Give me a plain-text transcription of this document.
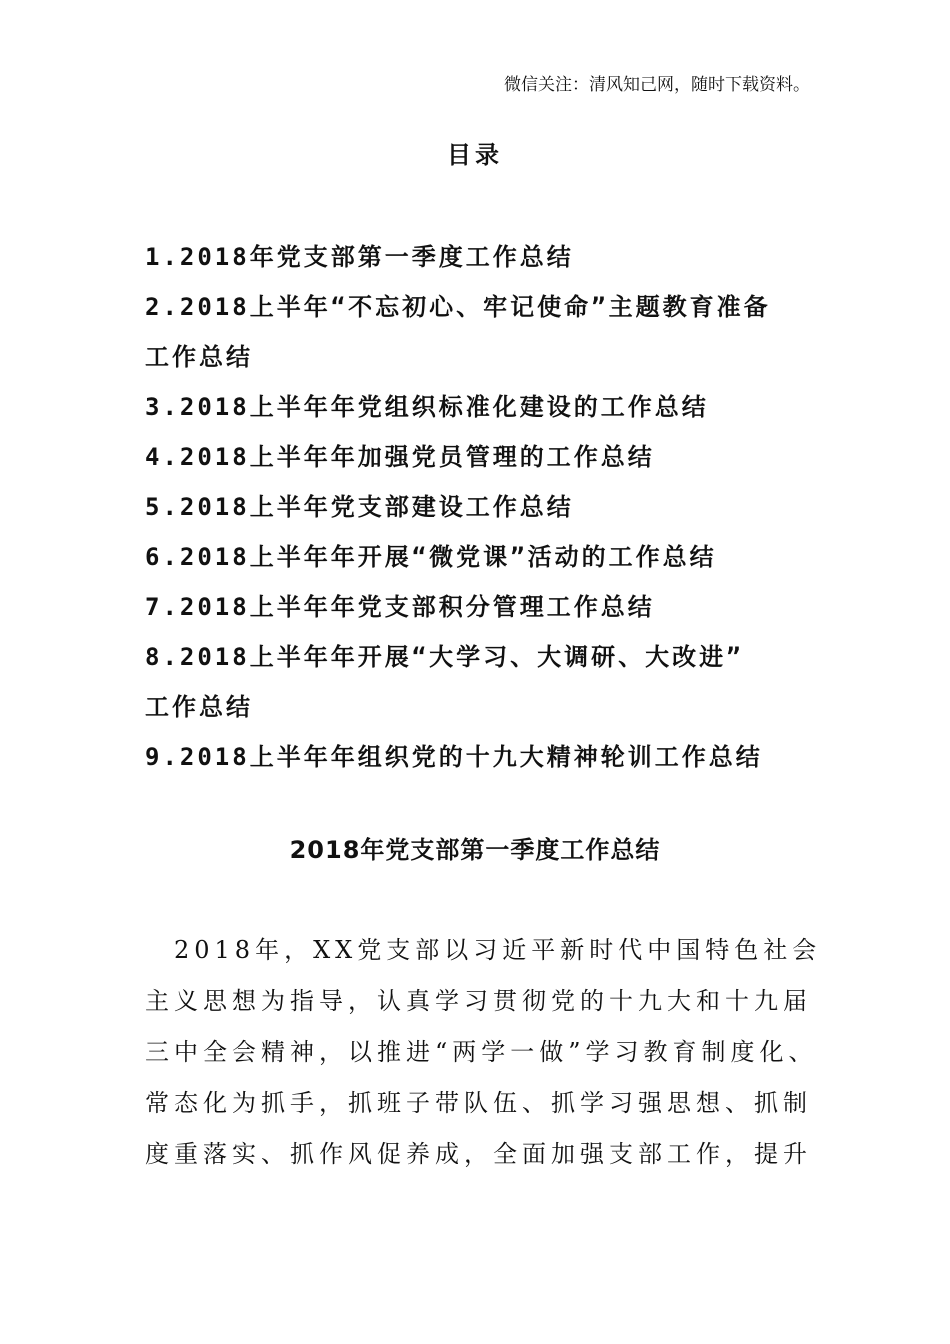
微信关注：清风知己网，随时下载资料。
目录
1.2018年党支部第一季度工作总结
2.2018上半年“不忘初心、牢记使命”主题教育准备
工作总结
3.2018上半年年党组织标准化建设的工作总结
4.2018上半年年加强党员管理的工作总结
5.2018上半年党支部建设工作总结
6.2018上半年年开展“微党课”活动的工作总结
7.2018上半年年党支部积分管理工作总结
8.2018上半年年开展“大学习、大调研、大改进”
工作总结
9.2018上半年年组织党的十九大精神轮训工作总结
2018年党支部第一季度工作总结

　2018年，XX党支部以习近平新时代中国特色社会
主义思想为指导，认真学习贯彻党的十九大和十九届
三中全会精神，以推进“两学一做”学习教育制度化、
常态化为抓手，抓班子带队伍、抓学习强思想、抓制
度重落实、抓作风促养成，全面加强支部工作，提升
